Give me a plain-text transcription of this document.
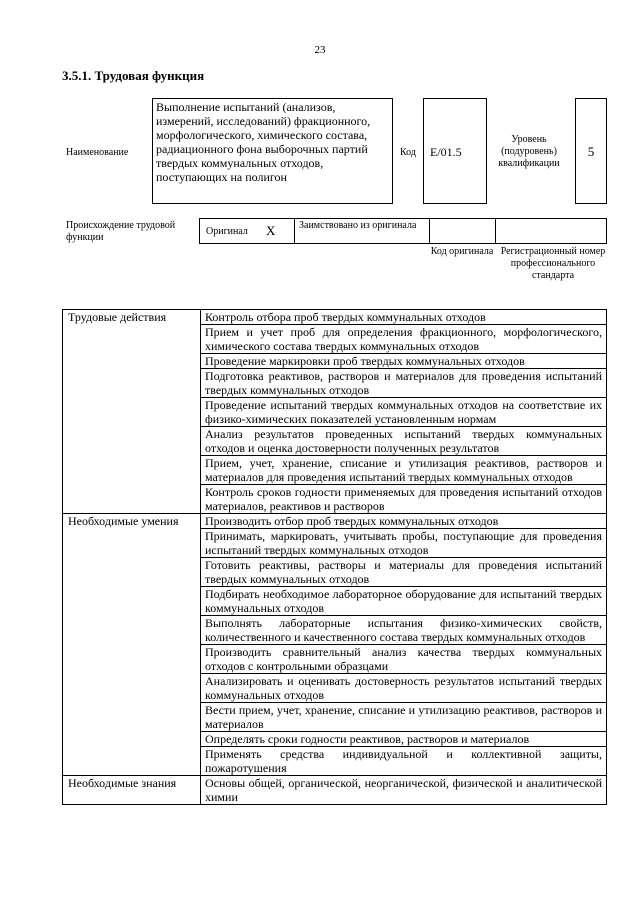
23
3.5.1. Трудовая функция
Наименование
Выполнение испытаний (анализов, измерений, исследований) фракционного, морфологического, химического состава, радиационного фона выборочных партий твердых коммунальных отходов, поступающих на полигон
Код	E/01.5
Уровень (подуровень) квалификации
5
Происхождение трудовой функции
Оригинал X Заимствовано из оригинала
Код оригинала Регистрационный номер профессионального стандарта
Трудовые действия	Контроль отбора проб твердых коммунальных отходов
	Прием и учет проб для определения фракционного, морфологического, химического состава твердых коммунальных отходов
	Проведение маркировки проб твердых коммунальных отходов
	Подготовка реактивов, растворов и материалов для проведения испытаний твердых коммунальных отходов
	Проведение испытаний твердых коммунальных отходов на соответствие их физико-химических показателей установленным нормам
	Анализ результатов проведенных испытаний твердых коммунальных отходов и оценка достоверности полученных результатов
	Прием, учет, хранение, списание и утилизация реактивов, растворов и материалов для проведения испытаний твердых коммунальных отходов
	Контроль сроков годности применяемых для проведения испытаний отходов материалов, реактивов и растворов
Необходимые умения	Производить отбор проб твердых коммунальных отходов
	Принимать, маркировать, учитывать пробы, поступающие для проведения испытаний твердых коммунальных отходов
	Готовить реактивы, растворы и материалы для проведения испытаний твердых коммунальных отходов
	Подбирать необходимое лабораторное оборудование для испытаний твердых коммунальных отходов
	Выполнять лабораторные испытания физико-химических свойств, количественного и качественного состава твердых коммунальных отходов
	Производить сравнительный анализ качества твердых коммунальных отходов с контрольными образцами
	Анализировать и оценивать достоверность результатов испытаний твердых коммунальных отходов
	Вести прием, учет, хранение, списание и утилизацию реактивов, растворов и материалов
	Определять сроки годности реактивов, растворов и материалов
	Применять средства индивидуальной и коллективной защиты, пожаротушения
Необходимые знания	Основы общей, органической, неорганической, физической и аналитической химии
